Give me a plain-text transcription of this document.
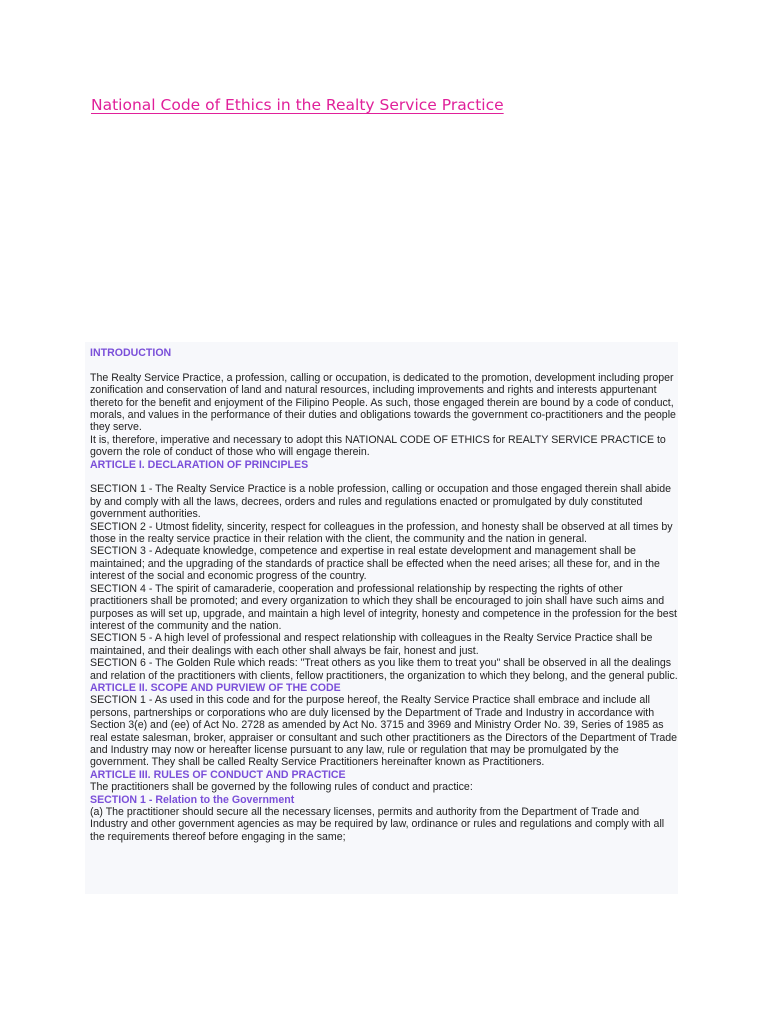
National Code of Ethics in the Realty Service Practice

INTRODUCTION

The Realty Service Practice, a profession, calling or occupation, is dedicated to the promotion, development including proper zonification and conservation of land and natural resources, including improvements and rights and interests appurtenant thereto for the benefit and enjoyment of the Filipino People. As such, those engaged therein are bound by a code of conduct, morals, and values in the performance of their duties and obligations towards the government co-practitioners and the people they serve.

It is, therefore, imperative and necessary to adopt this NATIONAL CODE OF ETHICS for REALTY SERVICE PRACTICE to govern the role of conduct of those who will engage therein.

ARTICLE I. DECLARATION OF PRINCIPLES

SECTION 1 - The Realty Service Practice is a noble profession, calling or occupation and those engaged therein shall abide by and comply with all the laws, decrees, orders and rules and regulations enacted or promulgated by duly constituted government authorities.

SECTION 2 - Utmost fidelity, sincerity, respect for colleagues in the profession, and honesty shall be observed at all times by those in the realty service practice in their relation with the client, the community and the nation in general.

SECTION 3 - Adequate knowledge, competence and expertise in real estate development and management shall be maintained; and the upgrading of the standards of practice shall be effected when the need arises; all these for, and in the interest of the social and economic progress of the country.

SECTION 4 - The spirit of camaraderie, cooperation and professional relationship by respecting the rights of other practitioners shall be promoted; and every organization to which they shall be encouraged to join shall have such aims and purposes as will set up, upgrade, and maintain a high level of integrity, honesty and competence in the profession for the best interest of the community and the nation.

SECTION 5 - A high level of professional and respect relationship with colleagues in the Realty Service Practice shall be maintained, and their dealings with each other shall always be fair, honest and just.

SECTION 6 - The Golden Rule which reads: "Treat others as you like them to treat you" shall be observed in all the dealings and relation of the practitioners with clients, fellow practitioners, the organization to which they belong, and the general public.

ARTICLE II. SCOPE AND PURVIEW OF THE CODE

SECTION 1 - As used in this code and for the purpose hereof, the Realty Service Practice shall embrace and include all persons, partnerships or corporations who are duly licensed by the Department of Trade and Industry in accordance with Section 3(e) and (ee) of Act No. 2728 as amended by Act No. 3715 and 3969 and Ministry Order No. 39, Series of 1985 as real estate salesman, broker, appraiser or consultant and such other practitioners as the Directors of the Department of Trade and Industry may now or hereafter license pursuant to any law, rule or regulation that may be promulgated by the government. They shall be called Realty Service Practitioners hereinafter known as Practitioners.

ARTICLE III. RULES OF CONDUCT AND PRACTICE

The practitioners shall be governed by the following rules of conduct and practice:

SECTION 1 - Relation to the Government

(a) The practitioner should secure all the necessary licenses, permits and authority from the Department of Trade and Industry and other government agencies as may be required by law, ordinance or rules and regulations and comply with all the requirements thereof before engaging in the same;
